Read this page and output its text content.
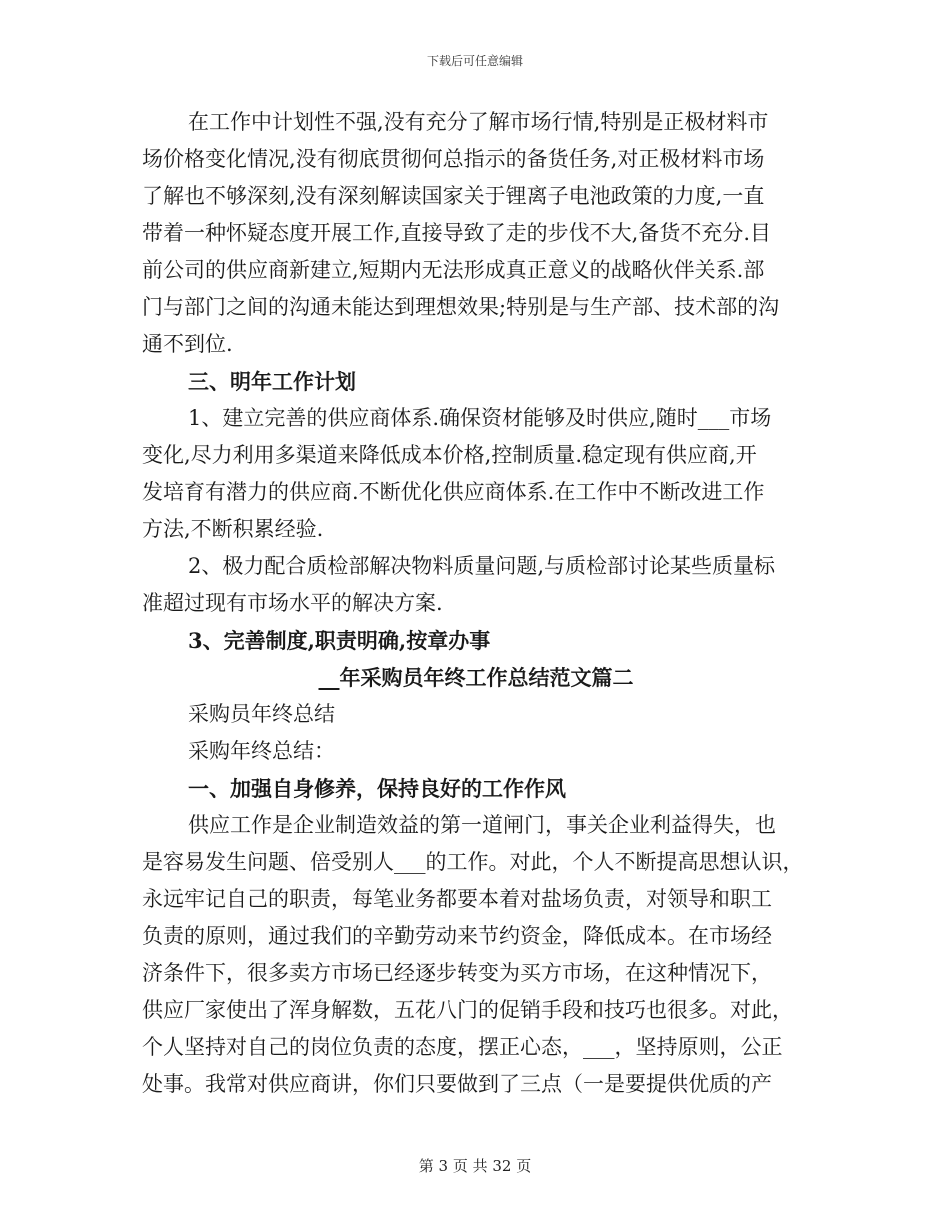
下载后可任意编辑
在工作中计划性不强,没有充分了解市场行情,特别是正极材料市
场价格变化情况,没有彻底贯彻何总指示的备货任务,对正极材料市场
了解也不够深刻,没有深刻解读国家关于锂离子电池政策的力度,一直
带着一种怀疑态度开展工作,直接导致了走的步伐不大,备货不充分.目
前公司的供应商新建立,短期内无法形成真正意义的战略伙伴关系.部
门与部门之间的沟通未能达到理想效果;特别是与生产部、技术部的沟
通不到位.
三、明年工作计划
1、建立完善的供应商体系.确保资材能够及时供应,随时___市场
变化,尽力利用多渠道来降低成本价格,控制质量.稳定现有供应商,开
发培育有潜力的供应商.不断优化供应商体系.在工作中不断改进工作
方法,不断积累经验.
2、极力配合质检部解决物料质量问题,与质检部讨论某些质量标
准超过现有市场水平的解决方案.
3、完善制度,职责明确,按章办事
__年采购员年终工作总结范文篇二
采购员年终总结
采购年终总结：
一、加强自身修养，保持良好的工作作风
供应工作是企业制造效益的第一道闸门，事关企业利益得失，也
是容易发生问题、倍受别人___的工作。对此，个人不断提高思想认识，
永远牢记自己的职责，每笔业务都要本着对盐场负责，对领导和职工
负责的原则，通过我们的辛勤劳动来节约资金，降低成本。在市场经
济条件下，很多卖方市场已经逐步转变为买方市场，在这种情况下，
供应厂家使出了浑身解数，五花八门的促销手段和技巧也很多。对此，
个人坚持对自己的岗位负责的态度，摆正心态，___，坚持原则，公正
处事。我常对供应商讲，你们只要做到了三点（一是要提供优质的产
第 3 页 共 32 页
